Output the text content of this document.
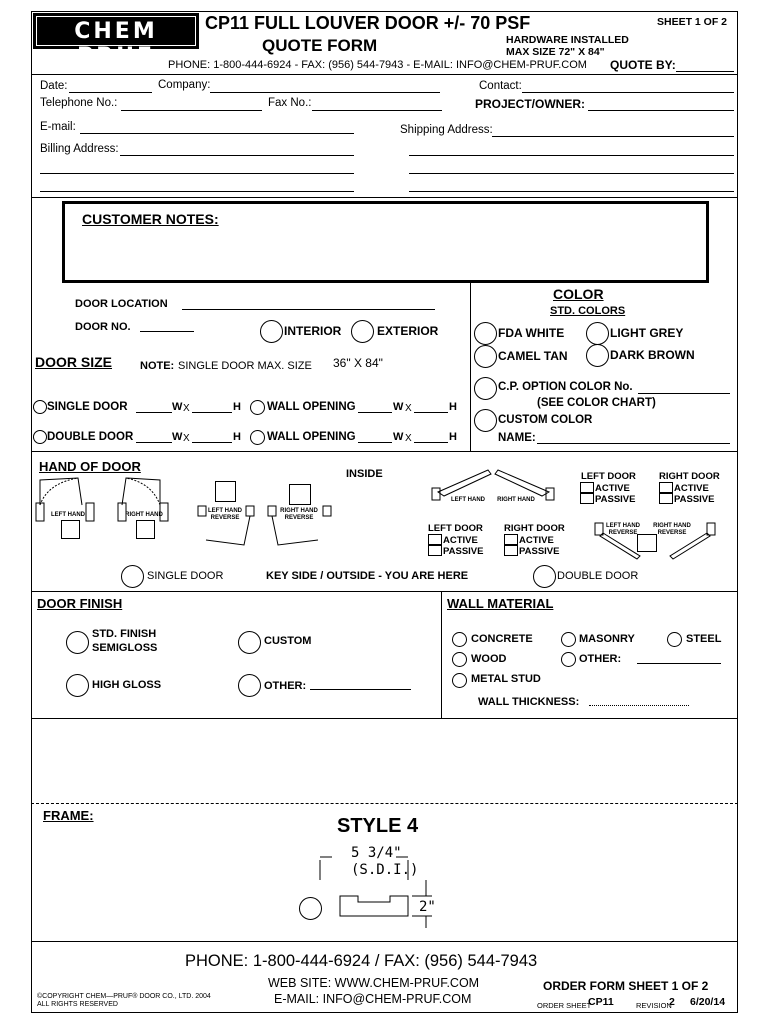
CHEM PRUF
CP11 FULL LOUVER DOOR +/- 70 PSF
QUOTE FORM
SHEET 1 OF 2
HARDWARE INSTALLED
MAX SIZE 72" X 84"
PHONE: 1-800-444-6924 - FAX: (956) 544-7943 - E-MAIL: INFO@CHEM-PRUF.COM QUOTE BY:
Date:	Company:	Contact:
Telephone No.:	Fax No.:	PROJECT/OWNER:
E-mail:	Shipping Address:
Billing Address:
CUSTOMER NOTES:
DOOR LOCATION
DOOR NO.	INTERIOR	EXTERIOR
DOOR SIZE	NOTE: SINGLE DOOR MAX. SIZE 36" X 84"
SINGLE DOOR	W X	H WALL OPENING	W X	H
DOUBLE DOOR	W X	H WALL OPENING	W X	H
COLOR
STD. COLORS
FDA WHITE	LIGHT GREY
CAMEL TAN	DARK BROWN
C.P. OPTION COLOR No.
(SEE COLOR CHART)
CUSTOM COLOR
NAME:
HAND OF DOOR	INSIDE
LEFT HAND	RIGHT HAND
LEFT HAND REVERSE
RIGHT HAND REVERSE
LEFT HAND	RIGHT HAND
LEFT DOOR
ACTIVE
PASSIVE
RIGHT DOOR
ACTIVE
PASSIVE
LEFT DOOR
ACTIVE
PASSIVE
RIGHT DOOR
ACTIVE
PASSIVE
LEFT HAND REVERSE
RIGHT HAND REVERSE
SINGLE DOOR	KEY SIDE / OUTSIDE - YOU ARE HERE	DOUBLE DOOR
DOOR FINISH
STD. FINISH
SEMIGLOSS
CUSTOM
HIGH GLOSS	OTHER:
WALL MATERIAL
CONCRETE	MASONRY	STEEL
WOOD	OTHER:
METAL STUD
WALL THICKNESS:
FRAME:	STYLE 4
5 3/4"
(S.D.I.)
2"
PHONE: 1-800-444-6924 / FAX: (956) 544-7943
WEB SITE: WWW.CHEM-PRUF.COM
E-MAIL: INFO@CHEM-PRUF.COM
©COPYRIGHT CHEM—PRUF® DOOR CO., LTD. 2004
ALL RIGHTS RESERVED
ORDER FORM SHEET 1 OF 2
ORDER SHEET
CP11	REVISION
2 6/20/14
